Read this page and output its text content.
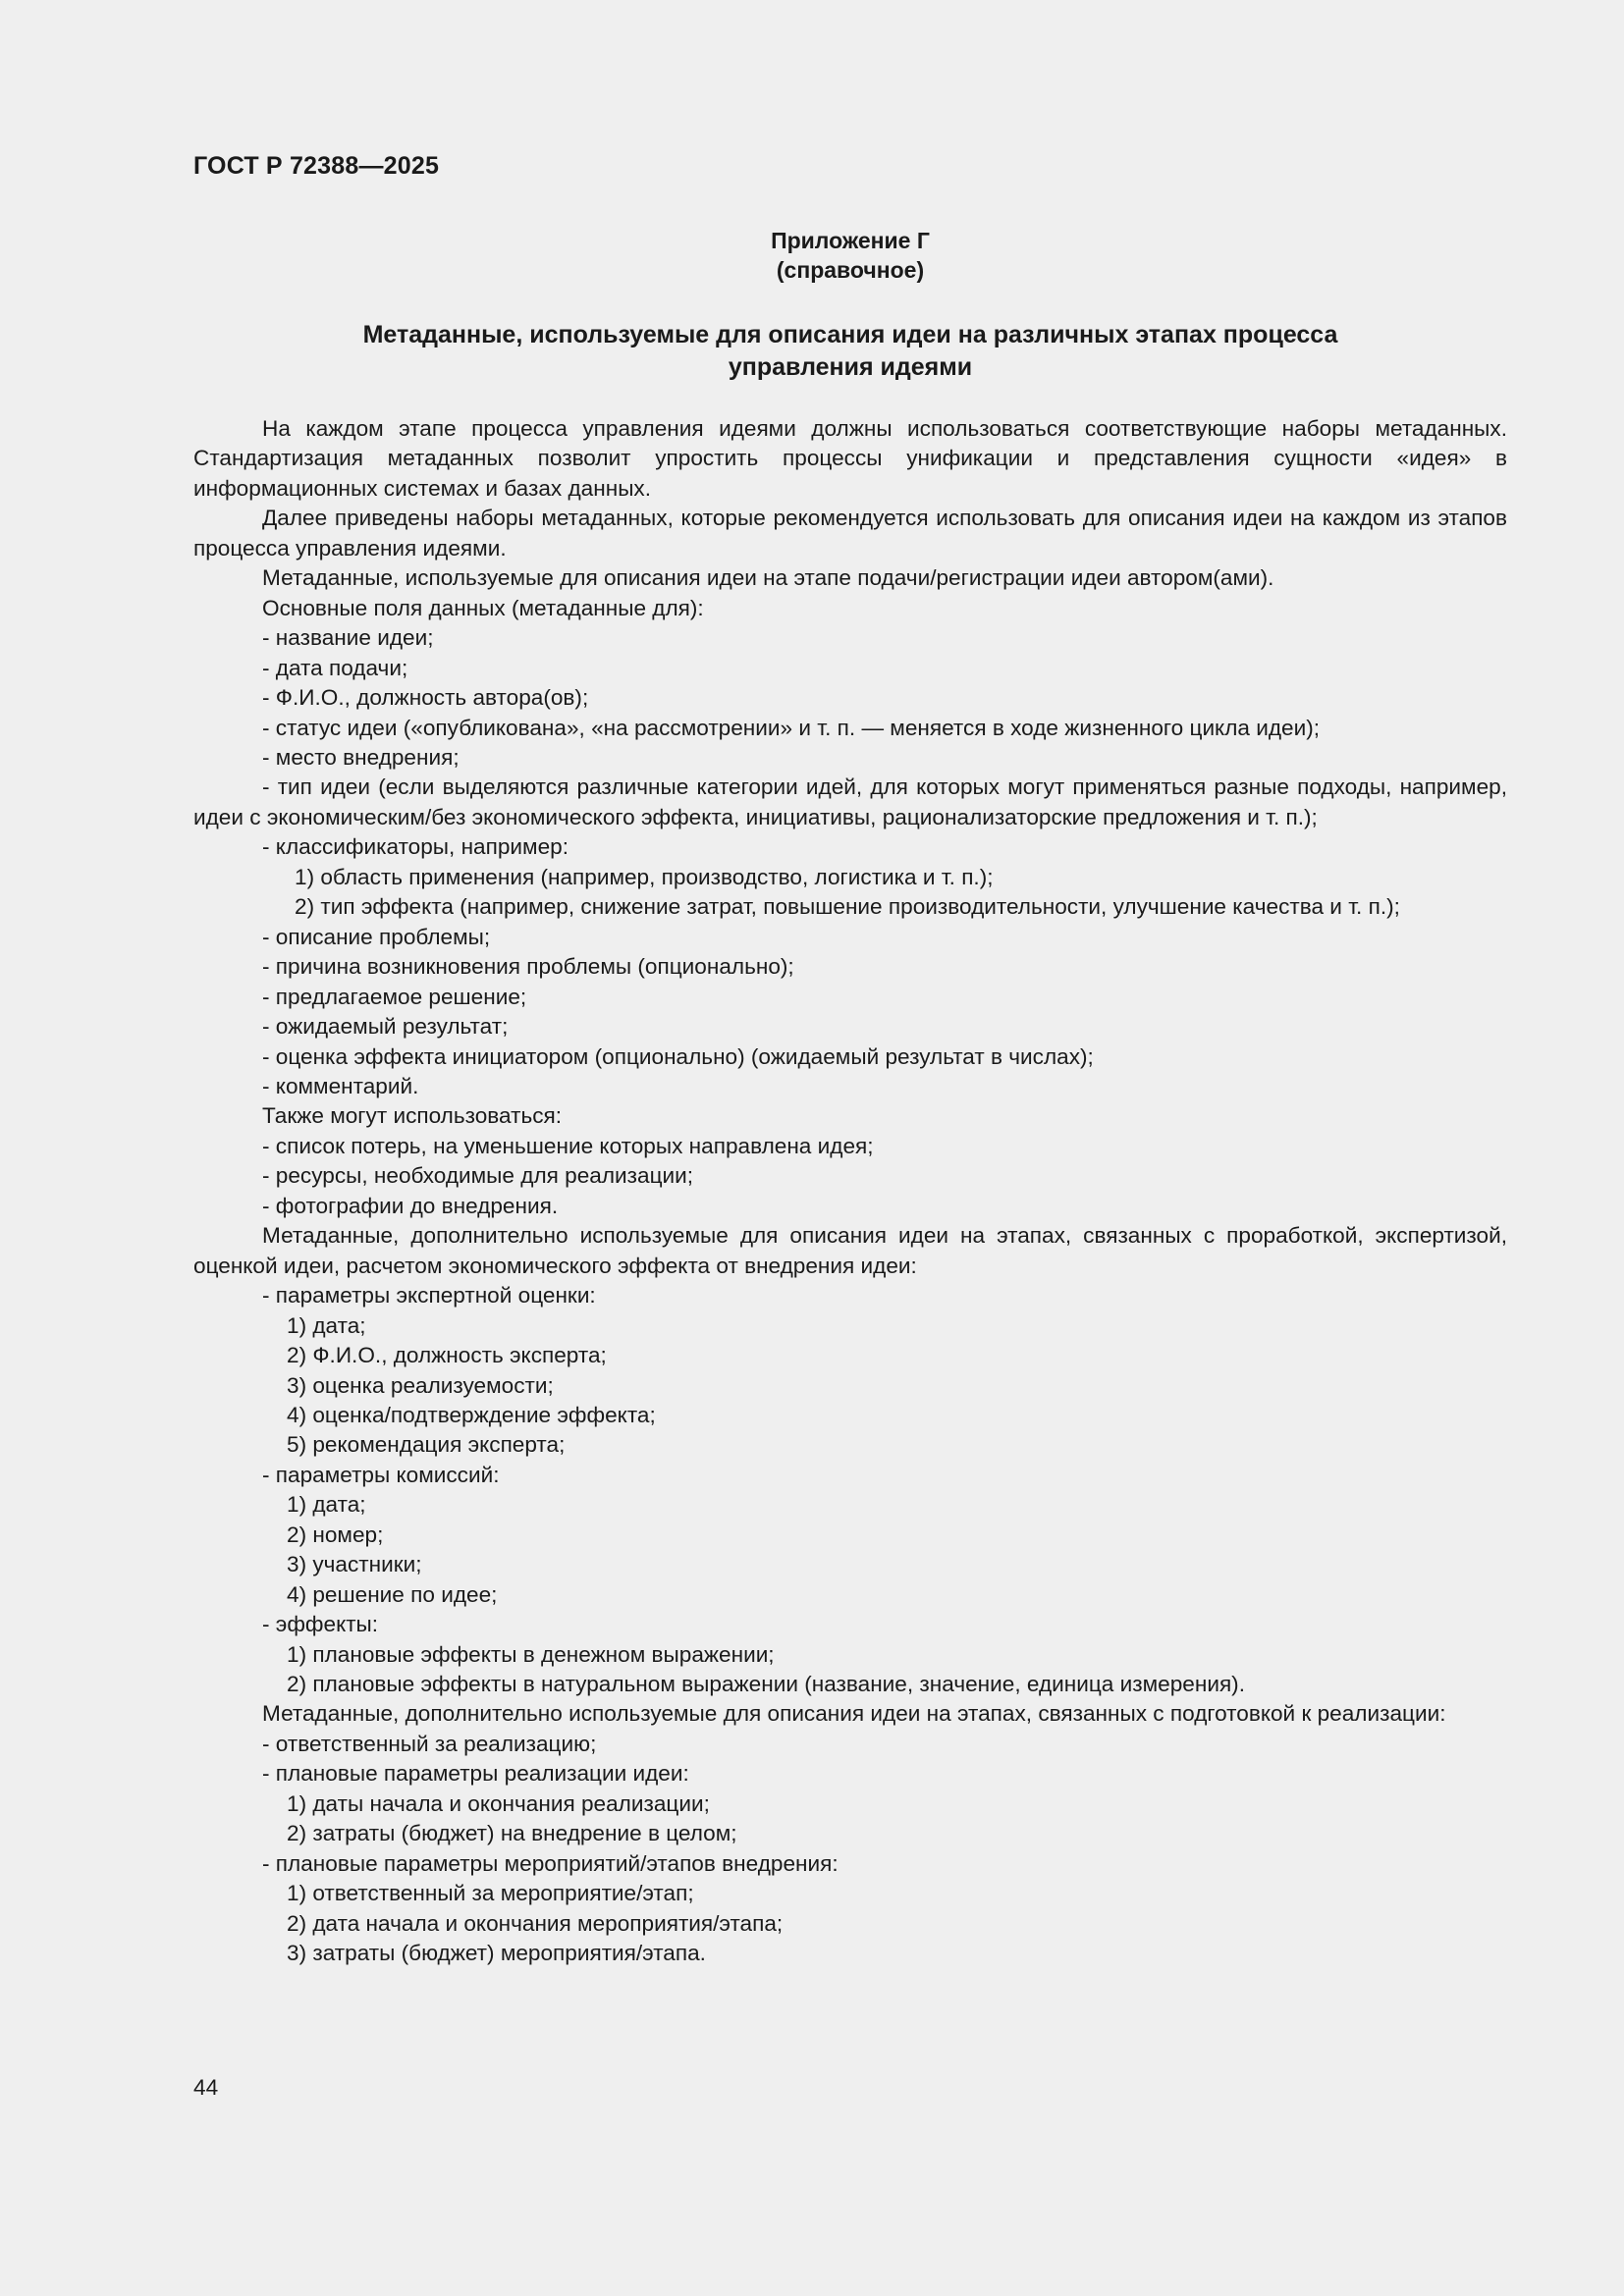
ГОСТ Р 72388—2025
Приложение Г
(справочное)
Метаданные, используемые для описания идеи на различных этапах процесса
управления идеями

На каждом этапе процесса управления идеями должны использоваться соответствующие наборы метаданных. Стандартизация метаданных позволит упростить процессы унификации и представления сущности «идея» в информационных системах и базах данных.

Далее приведены наборы метаданных, которые рекомендуется использовать для описания идеи на каждом из этапов процесса управления идеями.

Метаданные, используемые для описания идеи на этапе подачи/регистрации идеи автором(ами).

Основные поля данных (метаданные для):

- название идеи;

- дата подачи;

- Ф.И.О., должность автора(ов);

- статус идеи («опубликована», «на рассмотрении» и т. п. — меняется в ходе жизненного цикла идеи);

- место внедрения;

- тип идеи (если выделяются различные категории идей, для которых могут применяться разные подходы, например, идеи с экономическим/без экономического эффекта, инициативы, рационализаторские предложения и т. п.);

- классификаторы, например:

1) область применения (например, производство, логистика и т. п.);

2) тип эффекта (например, снижение затрат, повышение производительности, улучшение качества и т. п.);

- описание проблемы;

- причина возникновения проблемы (опционально);

- предлагаемое решение;

- ожидаемый результат;

- оценка эффекта инициатором (опционально) (ожидаемый результат в числах);

- комментарий.

Также могут использоваться:

- список потерь, на уменьшение которых направлена идея;

- ресурсы, необходимые для реализации;

- фотографии до внедрения.

Метаданные, дополнительно используемые для описания идеи на этапах, связанных с проработкой, экспертизой, оценкой идеи, расчетом экономического эффекта от внедрения идеи:

- параметры экспертной оценки:

1) дата;

2) Ф.И.О., должность эксперта;

3) оценка реализуемости;

4) оценка/подтверждение эффекта;

5) рекомендация эксперта;

- параметры комиссий:

1) дата;

2) номер;

3) участники;

4) решение по идее;

- эффекты:

1) плановые эффекты в денежном выражении;

2) плановые эффекты в натуральном выражении (название, значение, единица измерения).

Метаданные, дополнительно используемые для описания идеи на этапах, связанных с подготовкой к реализации:

- ответственный за реализацию;

- плановые параметры реализации идеи:

1) даты начала и окончания реализации;

2) затраты (бюджет) на внедрение в целом;

- плановые параметры мероприятий/этапов внедрения:

1) ответственный за мероприятие/этап;

2) дата начала и окончания мероприятия/этапа;

3) затраты (бюджет) мероприятия/этапа.

44
